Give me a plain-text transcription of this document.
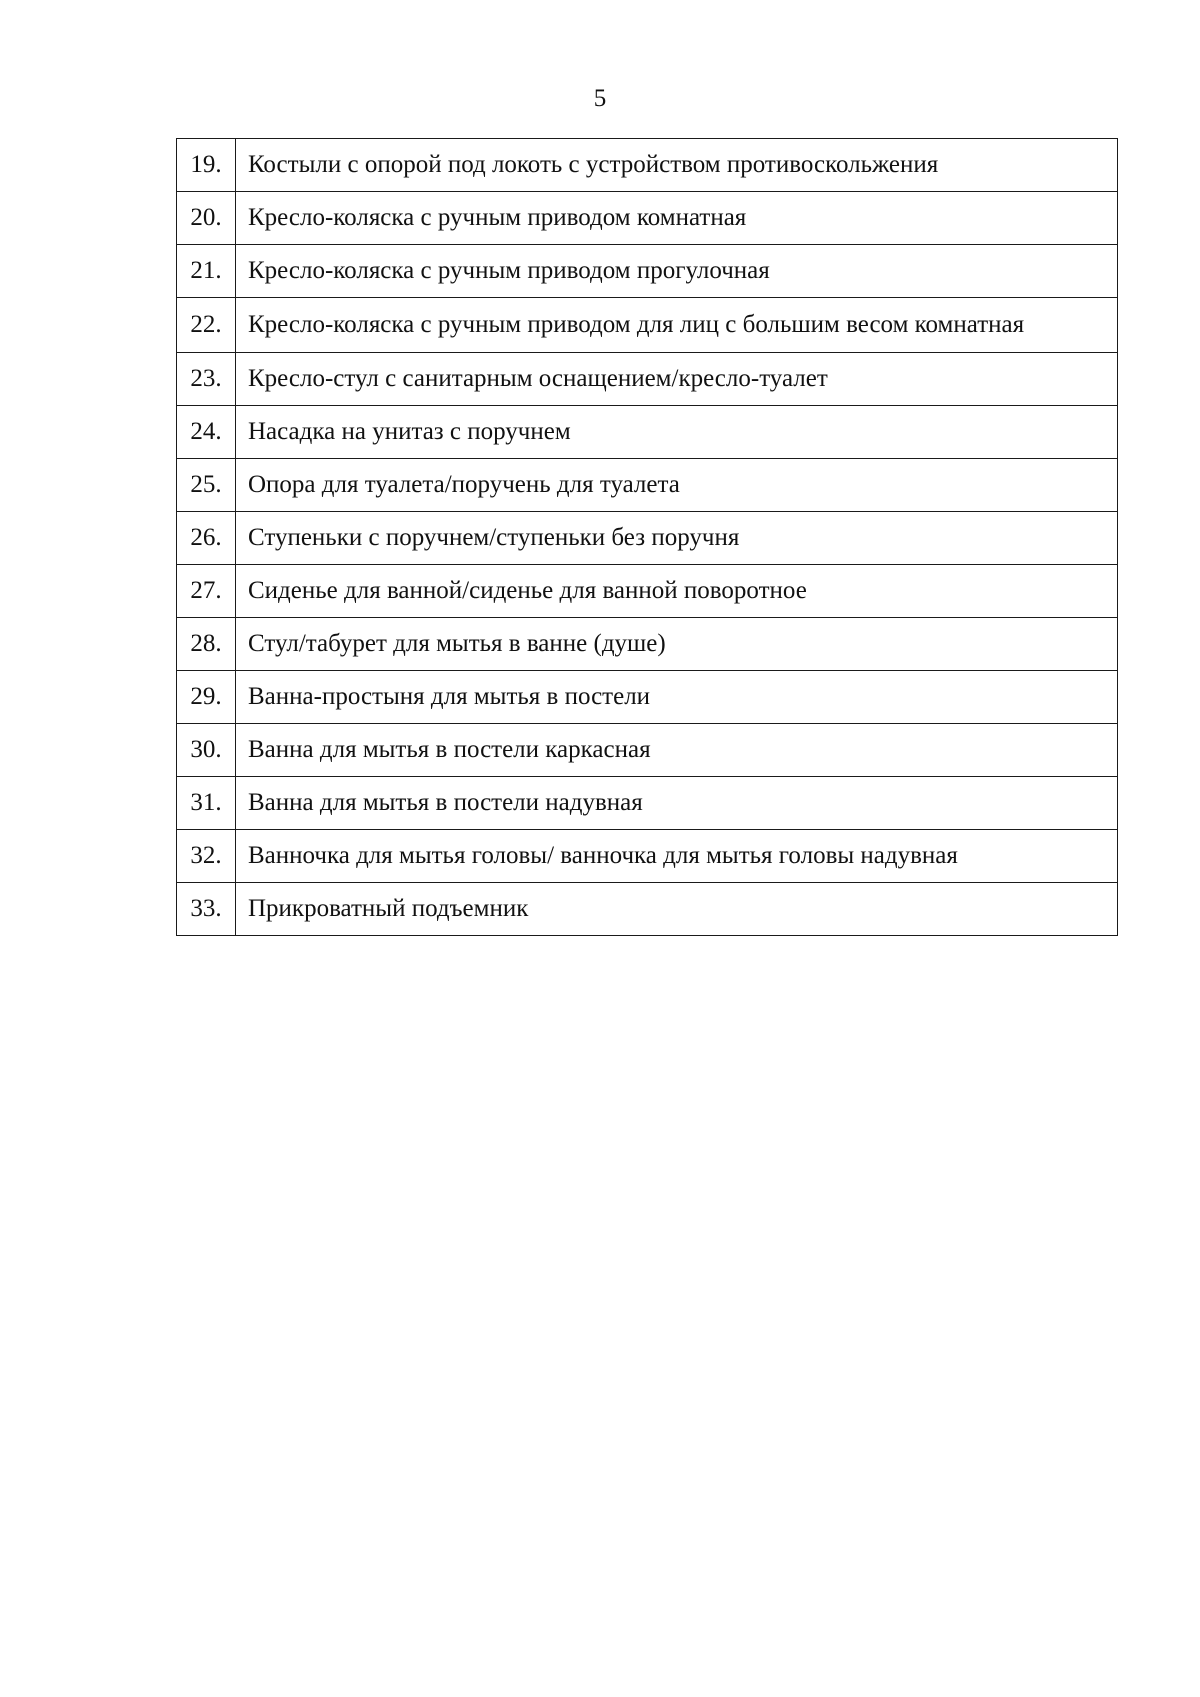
5
19.	Костыли с опорой под локоть с устройством противоскольжения
20.	Кресло-коляска с ручным приводом комнатная
21.	Кресло-коляска с ручным приводом прогулочная
22.	Кресло-коляска с ручным приводом для лиц с большим весом комнатная
23.	Кресло-стул с санитарным оснащением/кресло-туалет
24.	Насадка на унитаз с поручнем
25.	Опора для туалета/поручень для туалета
26.	Ступеньки с поручнем/ступеньки без поручня
27.	Сиденье для ванной/сиденье для ванной поворотное
28.	Стул/табурет для мытья в ванне (душе)
29.	Ванна-простыня для мытья в постели
30.	Ванна для мытья в постели каркасная
31.	Ванна для мытья в постели надувная
32.	Ванночка для мытья головы/ ванночка для мытья головы надувная
33.	Прикроватный подъемник
